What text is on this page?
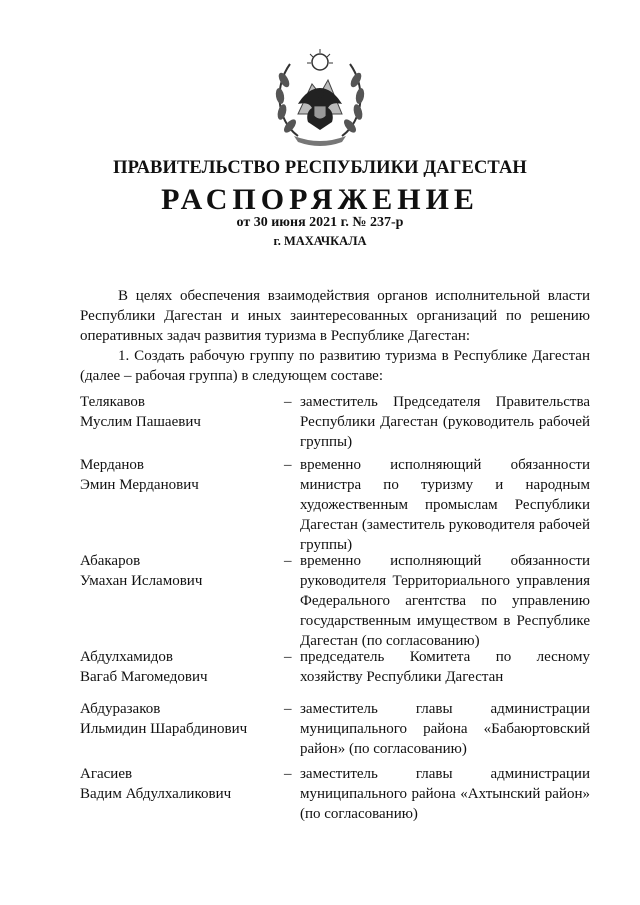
ПРАВИТЕЛЬСТВО РЕСПУБЛИКИ ДАГЕСТАН
РАСПОРЯЖЕНИЕ
от 30 июня 2021 г. № 237-р
г. МАХАЧКАЛА
В целях обеспечения взаимодействия органов исполнительной власти Республики Дагестан и иных заинтересованных организаций по решению оперативных задач развития туризма в Республике Дагестан:
1. Создать рабочую группу по развитию туризма в Республике Дагестан (далее – рабочая группа) в следующем составе:
Телякавов
Муслим Пашаевич
– заместитель Председателя Правительства Республики Дагестан (руководитель рабочей группы)
Мерданов
Эмин Мерданович
– временно исполняющий обязанности министра по туризму и народным художественным промыслам Республики Дагестан (заместитель руководителя рабочей группы)
Абакаров
Умахан Исламович
– временно исполняющий обязанности руководителя Территориального управления Федерального агентства по управлению государственным имуществом в Республике Дагестан (по согласованию)
Абдулхамидов
Вагаб Магомедович
– председатель Комитета по лесному хозяйству Республики Дагестан
Абдуразаков
Ильмидин Шарабдинович
– заместитель главы администрации муниципального района «Бабаюртовский район» (по согласованию)
Агасиев
Вадим Абдулхаликович
– заместитель главы администрации муниципального района «Ахтынский район» (по согласованию)
